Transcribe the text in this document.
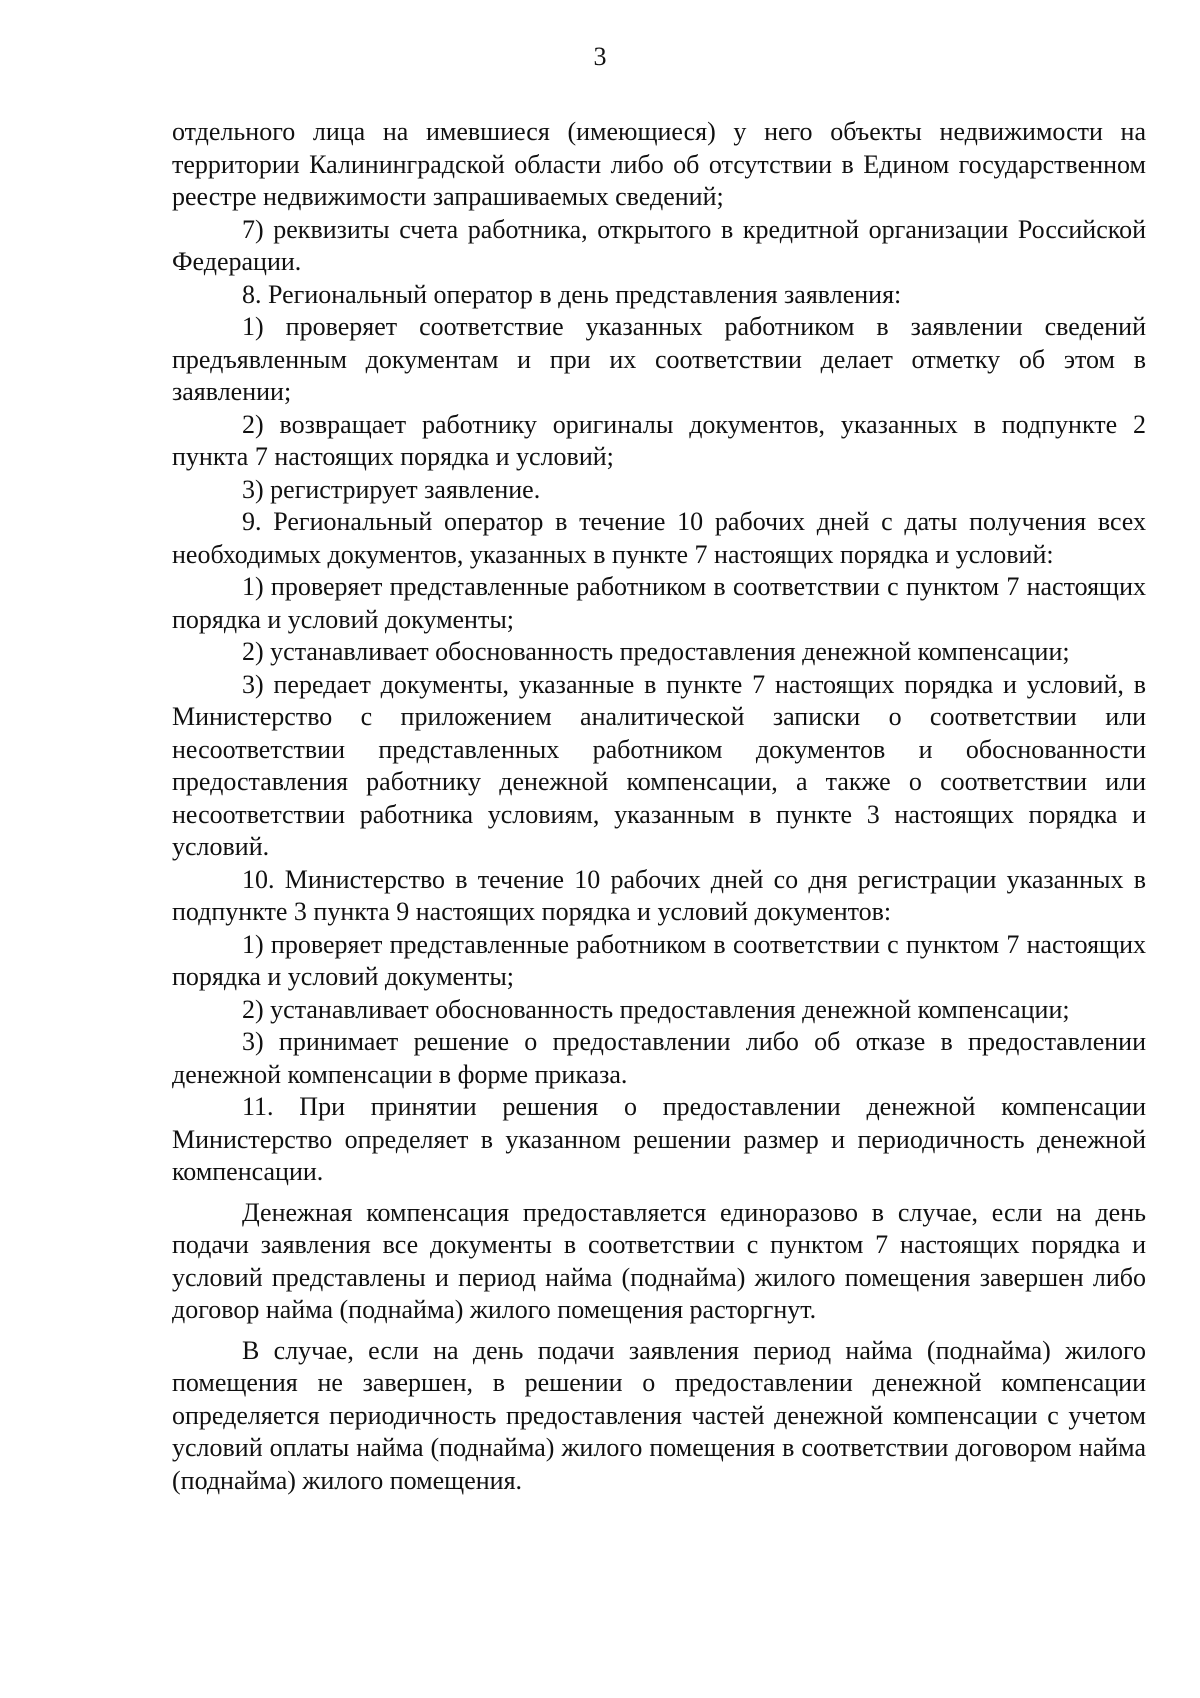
3

отдельного лица на имевшиеся (имеющиеся) у него объекты недвижимости на территории Калининградской области либо об отсутствии в Едином государственном реестре недвижимости запрашиваемых сведений;

7) реквизиты счета работника, открытого в кредитной организации Российской Федерации.

8. Региональный оператор в день представления заявления:

1) проверяет соответствие указанных работником в заявлении сведений предъявленным документам и при их соответствии делает отметку об этом в заявлении;

2) возвращает работнику оригиналы документов, указанных в подпункте 2 пункта 7 настоящих порядка и условий;

3) регистрирует заявление.

9. Региональный оператор в течение 10 рабочих дней с даты получения всех необходимых документов, указанных в пункте 7 настоящих порядка и условий:

1) проверяет представленные работником в соответствии с пунктом 7 настоящих порядка и условий документы;

2) устанавливает обоснованность предоставления денежной компенсации;

3) передает документы, указанные в пункте 7 настоящих порядка и условий, в Министерство с приложением аналитической записки о соответствии или несоответствии представленных работником документов и обоснованности предоставления работнику денежной компенсации, а также о соответствии или несоответствии работника условиям, указанным в пункте 3 настоящих порядка и условий.

10. Министерство в течение 10 рабочих дней со дня регистрации указанных в подпункте 3 пункта 9 настоящих порядка и условий документов:

1) проверяет представленные работником в соответствии с пунктом 7 настоящих порядка и условий документы;

2) устанавливает обоснованность предоставления денежной компенсации;

3) принимает решение о предоставлении либо об отказе в предоставлении денежной компенсации в форме приказа.

11. При принятии решения о предоставлении денежной компенсации Министерство определяет в указанном решении размер и периодичность денежной компенсации.

Денежная компенсация предоставляется единоразово в случае, если на день подачи заявления все документы в соответствии с пунктом 7 настоящих порядка и условий представлены и период найма (поднайма) жилого помещения завершен либо договор найма (поднайма) жилого помещения расторгнут.

В случае, если на день подачи заявления период найма (поднайма) жилого помещения не завершен, в решении о предоставлении денежной компенсации определяется периодичность предоставления частей денежной компенсации с учетом условий оплаты найма (поднайма) жилого помещения в соответствии договором найма (поднайма) жилого помещения.
